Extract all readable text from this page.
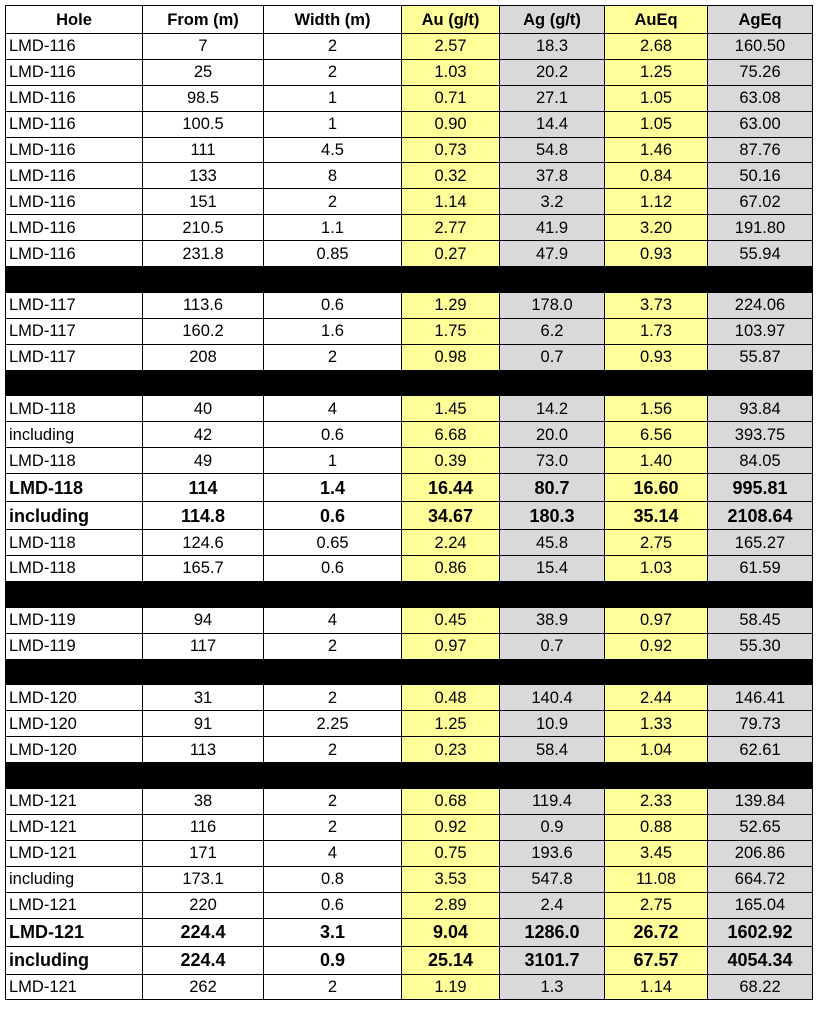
Hole	From (m)	Width (m)	Au (g/t)	Ag (g/t)	AuEq	AgEq
LMD-116	7	2	2.57	18.3	2.68	160.50
LMD-116	25	2	1.03	20.2	1.25	75.26
LMD-116	98.5	1	0.71	27.1	1.05	63.08
LMD-116	100.5	1	0.90	14.4	1.05	63.00
LMD-116	111	4.5	0.73	54.8	1.46	87.76
LMD-116	133	8	0.32	37.8	0.84	50.16
LMD-116	151	2	1.14	3.2	1.12	67.02
LMD-116	210.5	1.1	2.77	41.9	3.20	191.80
LMD-116	231.8	0.85	0.27	47.9	0.93	55.94

LMD-117	113.6	0.6	1.29	178.0	3.73	224.06
LMD-117	160.2	1.6	1.75	6.2	1.73	103.97
LMD-117	208	2	0.98	0.7	0.93	55.87

LMD-118	40	4	1.45	14.2	1.56	93.84
including	42	0.6	6.68	20.0	6.56	393.75
LMD-118	49	1	0.39	73.0	1.40	84.05
LMD-118	114	1.4	16.44	80.7	16.60	995.81
including	114.8	0.6	34.67	180.3	35.14	2108.64
LMD-118	124.6	0.65	2.24	45.8	2.75	165.27
LMD-118	165.7	0.6	0.86	15.4	1.03	61.59

LMD-119	94	4	0.45	38.9	0.97	58.45
LMD-119	117	2	0.97	0.7	0.92	55.30

LMD-120	31	2	0.48	140.4	2.44	146.41
LMD-120	91	2.25	1.25	10.9	1.33	79.73
LMD-120	113	2	0.23	58.4	1.04	62.61

LMD-121	38	2	0.68	119.4	2.33	139.84
LMD-121	116	2	0.92	0.9	0.88	52.65
LMD-121	171	4	0.75	193.6	3.45	206.86
including	173.1	0.8	3.53	547.8	11.08	664.72
LMD-121	220	0.6	2.89	2.4	2.75	165.04
LMD-121	224.4	3.1	9.04	1286.0	26.72	1602.92
including	224.4	0.9	25.14	3101.7	67.57	4054.34
LMD-121	262	2	1.19	1.3	1.14	68.22
